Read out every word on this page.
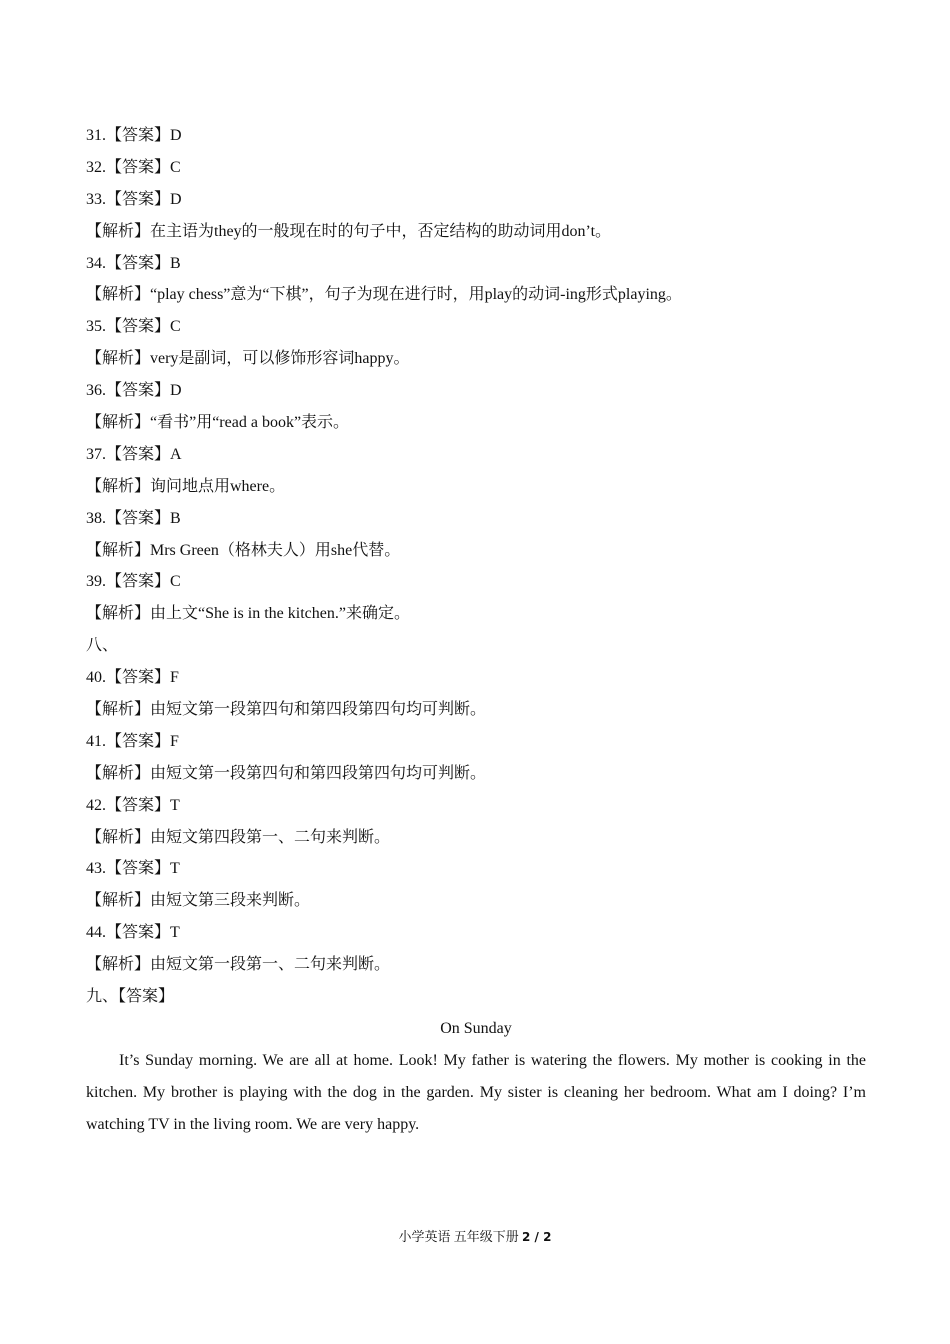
31.【答案】D
32.【答案】C
33.【答案】D
【解析】在主语为they的一般现在时的句子中，否定结构的助动词用don’t。
34.【答案】B
【解析】“play chess”意为“下棋”，句子为现在进行时，用play的动词-ing形式playing。
35.【答案】C
【解析】very是副词，可以修饰形容词happy。
36.【答案】D
【解析】“看书”用“read a book”表示。
37.【答案】A
【解析】询问地点用where。
38.【答案】B
【解析】Mrs Green（格林夫人）用she代替。
39.【答案】C
【解析】由上文“She is in the kitchen.”来确定。
八、
40.【答案】F
【解析】由短文第一段第四句和第四段第四句均可判断。
41.【答案】F
【解析】由短文第一段第四句和第四段第四句均可判断。
42.【答案】T
【解析】由短文第四段第一、二句来判断。
43.【答案】T
【解析】由短文第三段来判断。
44.【答案】T
【解析】由短文第一段第一、二句来判断。
九、【答案】
On Sunday

It’s Sunday morning. We are all at home. Look! My father is watering the flowers. My mother is cooking in the kitchen. My brother is playing with the dog in the garden. My sister is cleaning her bedroom. What am I doing? I’m watching TV in the living room. We are very happy.

小学英语 五年级下册 2 / 2
